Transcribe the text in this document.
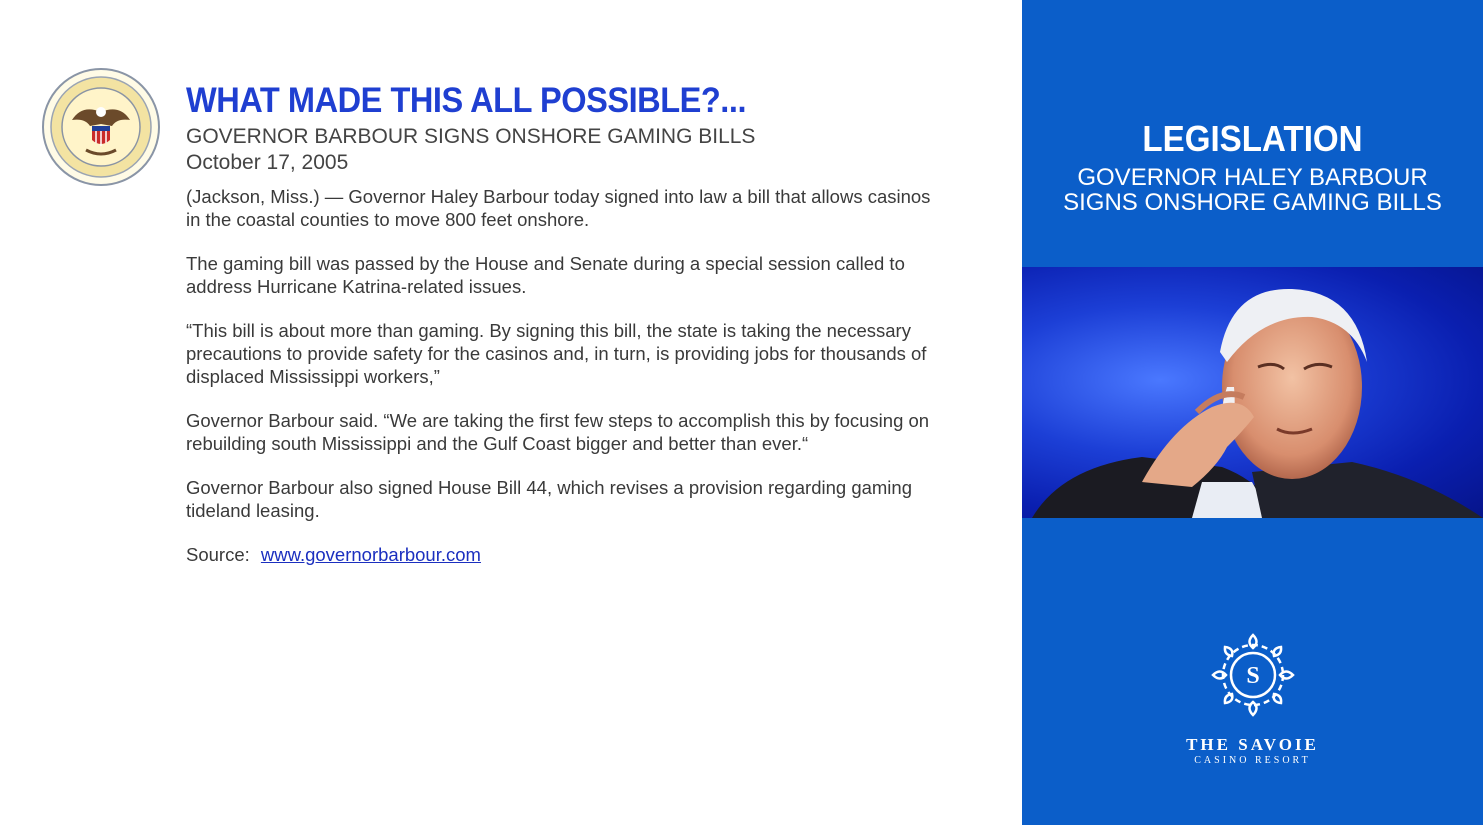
WHAT MADE THIS ALL POSSIBLE?...
GOVERNOR BARBOUR SIGNS ONSHORE GAMING BILLS
October 17, 2005

(Jackson, Miss.) — Governor Haley Barbour today signed into law a bill that allows casinos in the coastal counties to move 800 feet onshore.

The gaming bill was passed by the House and Senate during a special session called to address Hurricane Katrina-related issues.

“This bill is about more than gaming. By signing this bill, the state is taking the necessary precautions to provide safety for the casinos and, in turn, is providing jobs for thousands of displaced Mississippi workers,”

Governor Barbour said. “We are taking the first few steps to accomplish this by focusing on rebuilding south Mississippi and the Gulf Coast bigger and better than ever.“

Governor Barbour also signed House Bill 44, which revises a provision regarding gaming tideland leasing.

Source: www.governorbarbour.com
LEGISLATION
GOVERNOR HALEY BARBOUR
SIGNS ONSHORE GAMING BILLS
S
THE SAVOIE
CASINO RESORT
